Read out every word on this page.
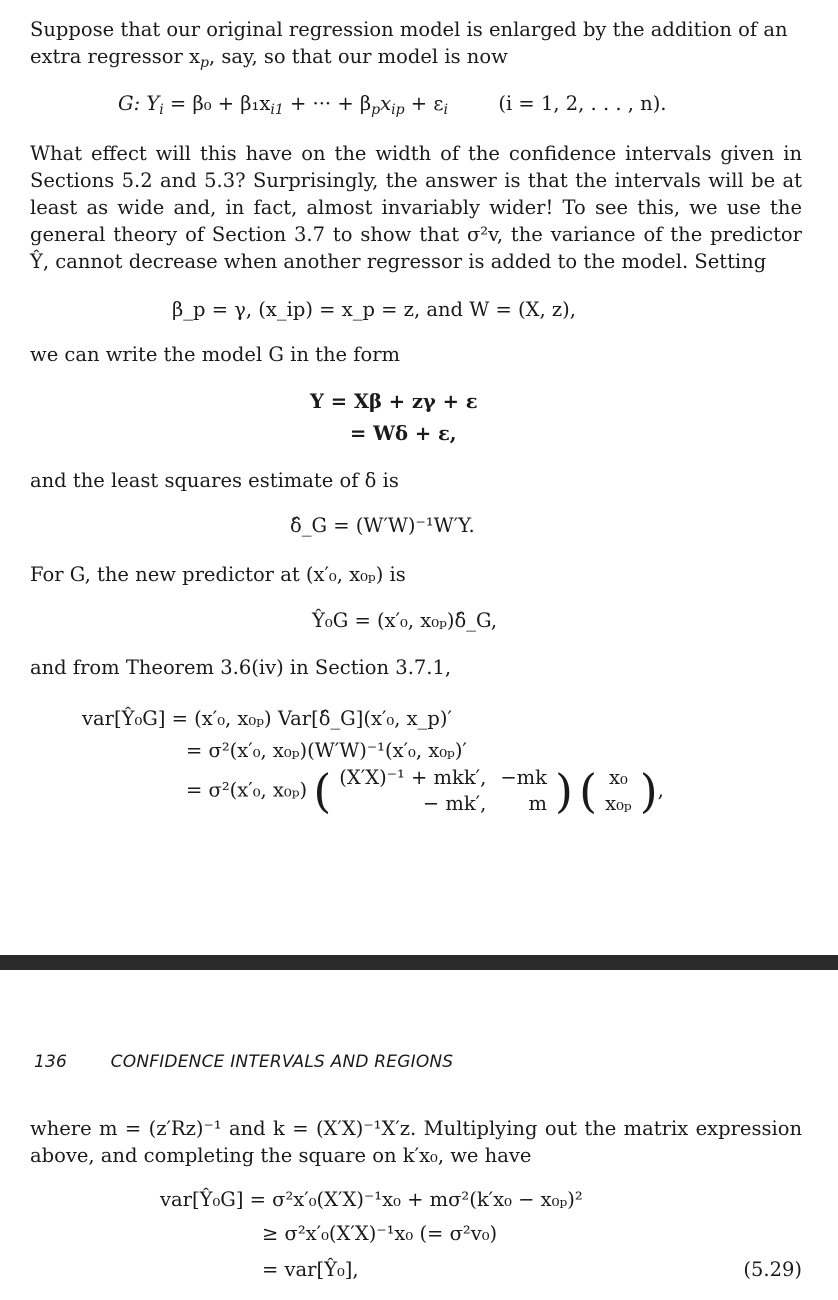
Suppose that our original regression model is enlarged by the addition of an
extra regressor $x_p$, say, so that our model is now

G: $Y_i = \beta_0 + \beta_1x_{i1}$ + ··· + $\beta_px_{ip} + \varepsilon_i$	(i = 1, 2, . . . , n).

What effect will this have on the width of the confidence intervals given in Sections 5.2 and 5.3? Surprisingly, the answer is that the intervals will be at least as wide and, in fact, almost invariably wider! To see this, we use the general theory of Section 3.7 to show that σ²v, the variance of the predictor Ŷ, cannot decrease when another regressor is added to the model. Setting

β_p = γ, (x_ip) = x_p = z, and W = (X, z),

we can write the model G in the form

Y = Xβ + zγ + ε
= Wδ + ε,

and the least squares estimate of δ is

δ̂_G = (W′W)⁻¹W′Y.

For G, the new predictor at (x′₀, x₀ₚ) is

Ŷ₀G = (x′₀, x₀ₚ)δ̂_G,

and from Theorem 3.6(iv) in Section 3.7.1,

var[Ŷ₀G] = (x′₀, x₀ₚ) Var[δ̂_G](x′₀, x_p)′
= σ²(x′₀, x₀ₚ)(W′W)⁻¹(x′₀, x₀ₚ)′
= σ²(x′₀, x₀ₚ) ( (X′X)⁻¹ + mkk′,	−mk
− mk′,	m ) ( x₀
x₀ₚ ),
136	CONFIDENCE INTERVALS AND REGIONS

where m = (z′Rz)⁻¹ and k = (X′X)⁻¹X′z. Multiplying out the matrix expression above, and completing the square on k′x₀, we have

var[Ŷ₀G] = σ²x′₀(X′X)⁻¹x₀ + mσ²(k′x₀ − x₀ₚ)²
≥ σ²x′₀(X′X)⁻¹x₀ (= σ²v₀)
= var[Ŷ₀],	(5.29)
